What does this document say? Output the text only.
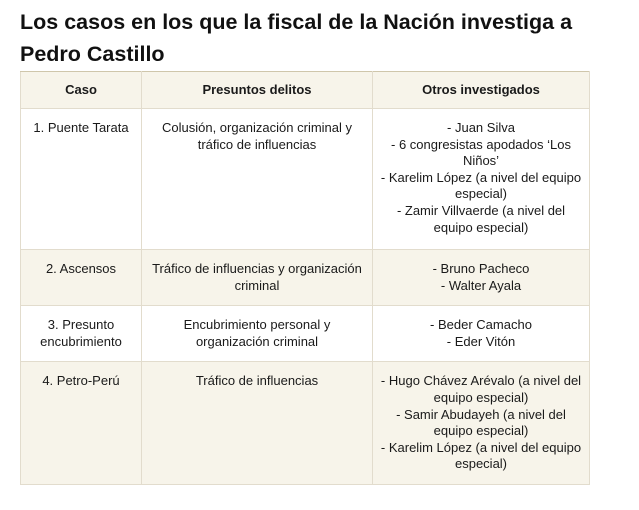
Los casos en los que la fiscal de la Nación investiga a Pedro Castillo
Caso	Presuntos delitos	Otros investigados
1. Puente Tarata	Colusión, organización criminal y tráfico de influencias	- Juan Silva
- 6 congresistas apodados ‘Los Niños’
- Karelim López (a nivel del equipo especial)
- Zamir Villvaerde (a nivel del equipo especial)

2. Ascensos	Tráfico de influencias y organización criminal	- Bruno Pacheco
- Walter Ayala

3. Presunto encubrimiento	Encubrimiento personal y organización criminal	- Beder Camacho
- Eder Vitón

4. Petro-Perú	Tráfico de influencias	- Hugo Chávez Arévalo (a nivel del equipo especial)
- Samir Abudayeh (a nivel del equipo especial)
- Karelim López (a nivel del equipo especial)
